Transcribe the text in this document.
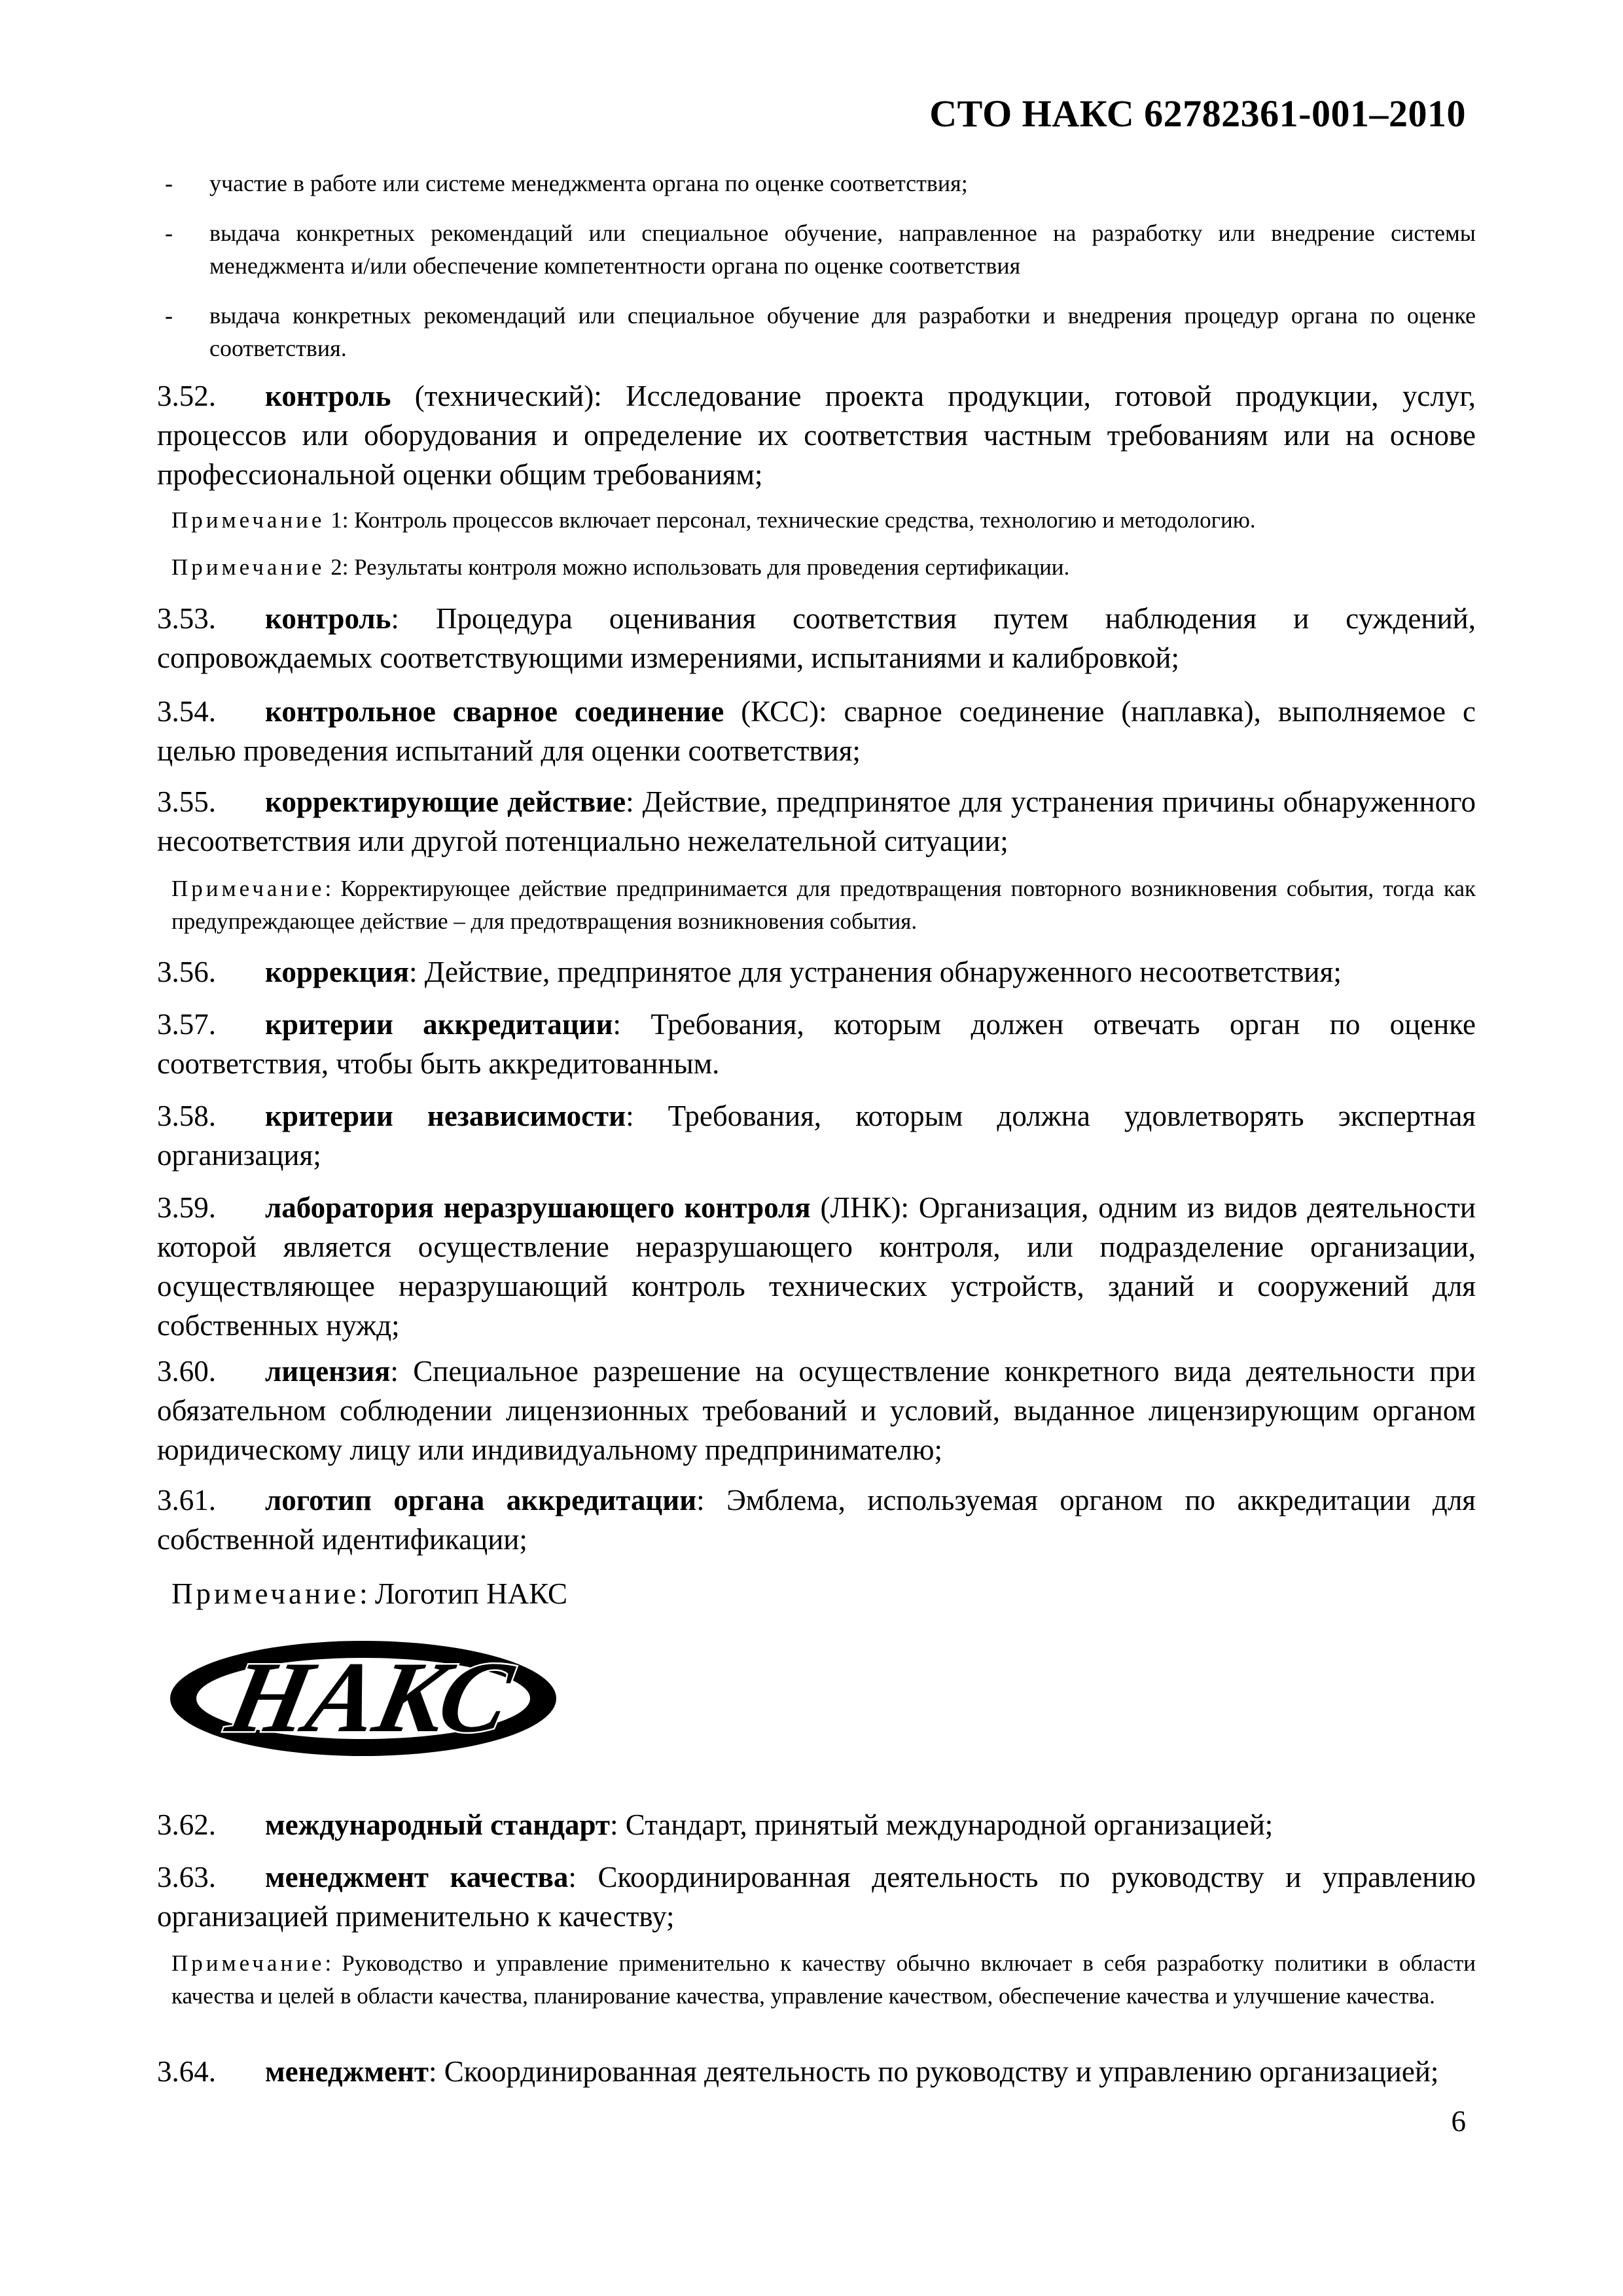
СТО НАКС 62782361-001–2010
- участие в работе или системе менеджмента органа по оценке соответствия;
- выдача конкретных рекомендаций или специальное обучение, направленное на разработку или внедрение системы менеджмента и/или обеспечение компетентности органа по оценке соответствия
- выдача конкретных рекомендаций или специальное обучение для разработки и внедрения процедур органа по оценке соответствия.

3.52. контроль (технический): Исследование проекта продукции, готовой продукции, услуг, процессов или оборудования и определение их соответствия частным требованиям или на основе профессиональной оценки общим требованиям;

Примечание 1: Контроль процессов включает персонал, технические средства, технологию и методологию.
Примечание 2: Результаты контроля можно использовать для проведения сертификации.

3.53. контроль: Процедура оценивания соответствия путем наблюдения и суждений, сопровождаемых соответствующими измерениями, испытаниями и калибровкой;

3.54. контрольное сварное соединение (КСС): сварное соединение (наплавка), выполняемое с целью проведения испытаний для оценки соответствия;

3.55. корректирующие действие: Действие, предпринятое для устранения причины обнаруженного несоответствия или другой потенциально нежелательной ситуации;

Примечание: Корректирующее действие предпринимается для предотвращения повторного возникновения события, тогда как предупреждающее действие – для предотвращения возникновения события.

3.56. коррекция: Действие, предпринятое для устранения обнаруженного несоответствия;

3.57. критерии аккредитации: Требования, которым должен отвечать орган по оценке соответствия, чтобы быть аккредитованным.

3.58. критерии независимости: Требования, которым должна удовлетворять экспертная организация;

3.59. лаборатория неразрушающего контроля (ЛНК): Организация, одним из видов деятельности которой является осуществление неразрушающего контроля, или подразделение организации, осуществляющее неразрушающий контроль технических устройств, зданий и сооружений для собственных нужд;

3.60. лицензия: Специальное разрешение на осуществление конкретного вида деятельности при обязательном соблюдении лицензионных требований и условий, выданное лицензирующим органом юридическому лицу или индивидуальному предпринимателю;

3.61. логотип органа аккредитации: Эмблема, используемая органом по аккредитации для собственной идентификации;

Примечание: Логотип НАКС
НАКС

3.62. международный стандарт: Стандарт, принятый международной организацией;

3.63. менеджмент качества: Скоординированная деятельность по руководству и управлению организацией применительно к качеству;

Примечание: Руководство и управление применительно к качеству обычно включает в себя разработку политики в области качества и целей в области качества, планирование качества, управление качеством, обеспечение качества и улучшение качества.

3.64. менеджмент: Скоординированная деятельность по руководству и управлению организацией;

6
